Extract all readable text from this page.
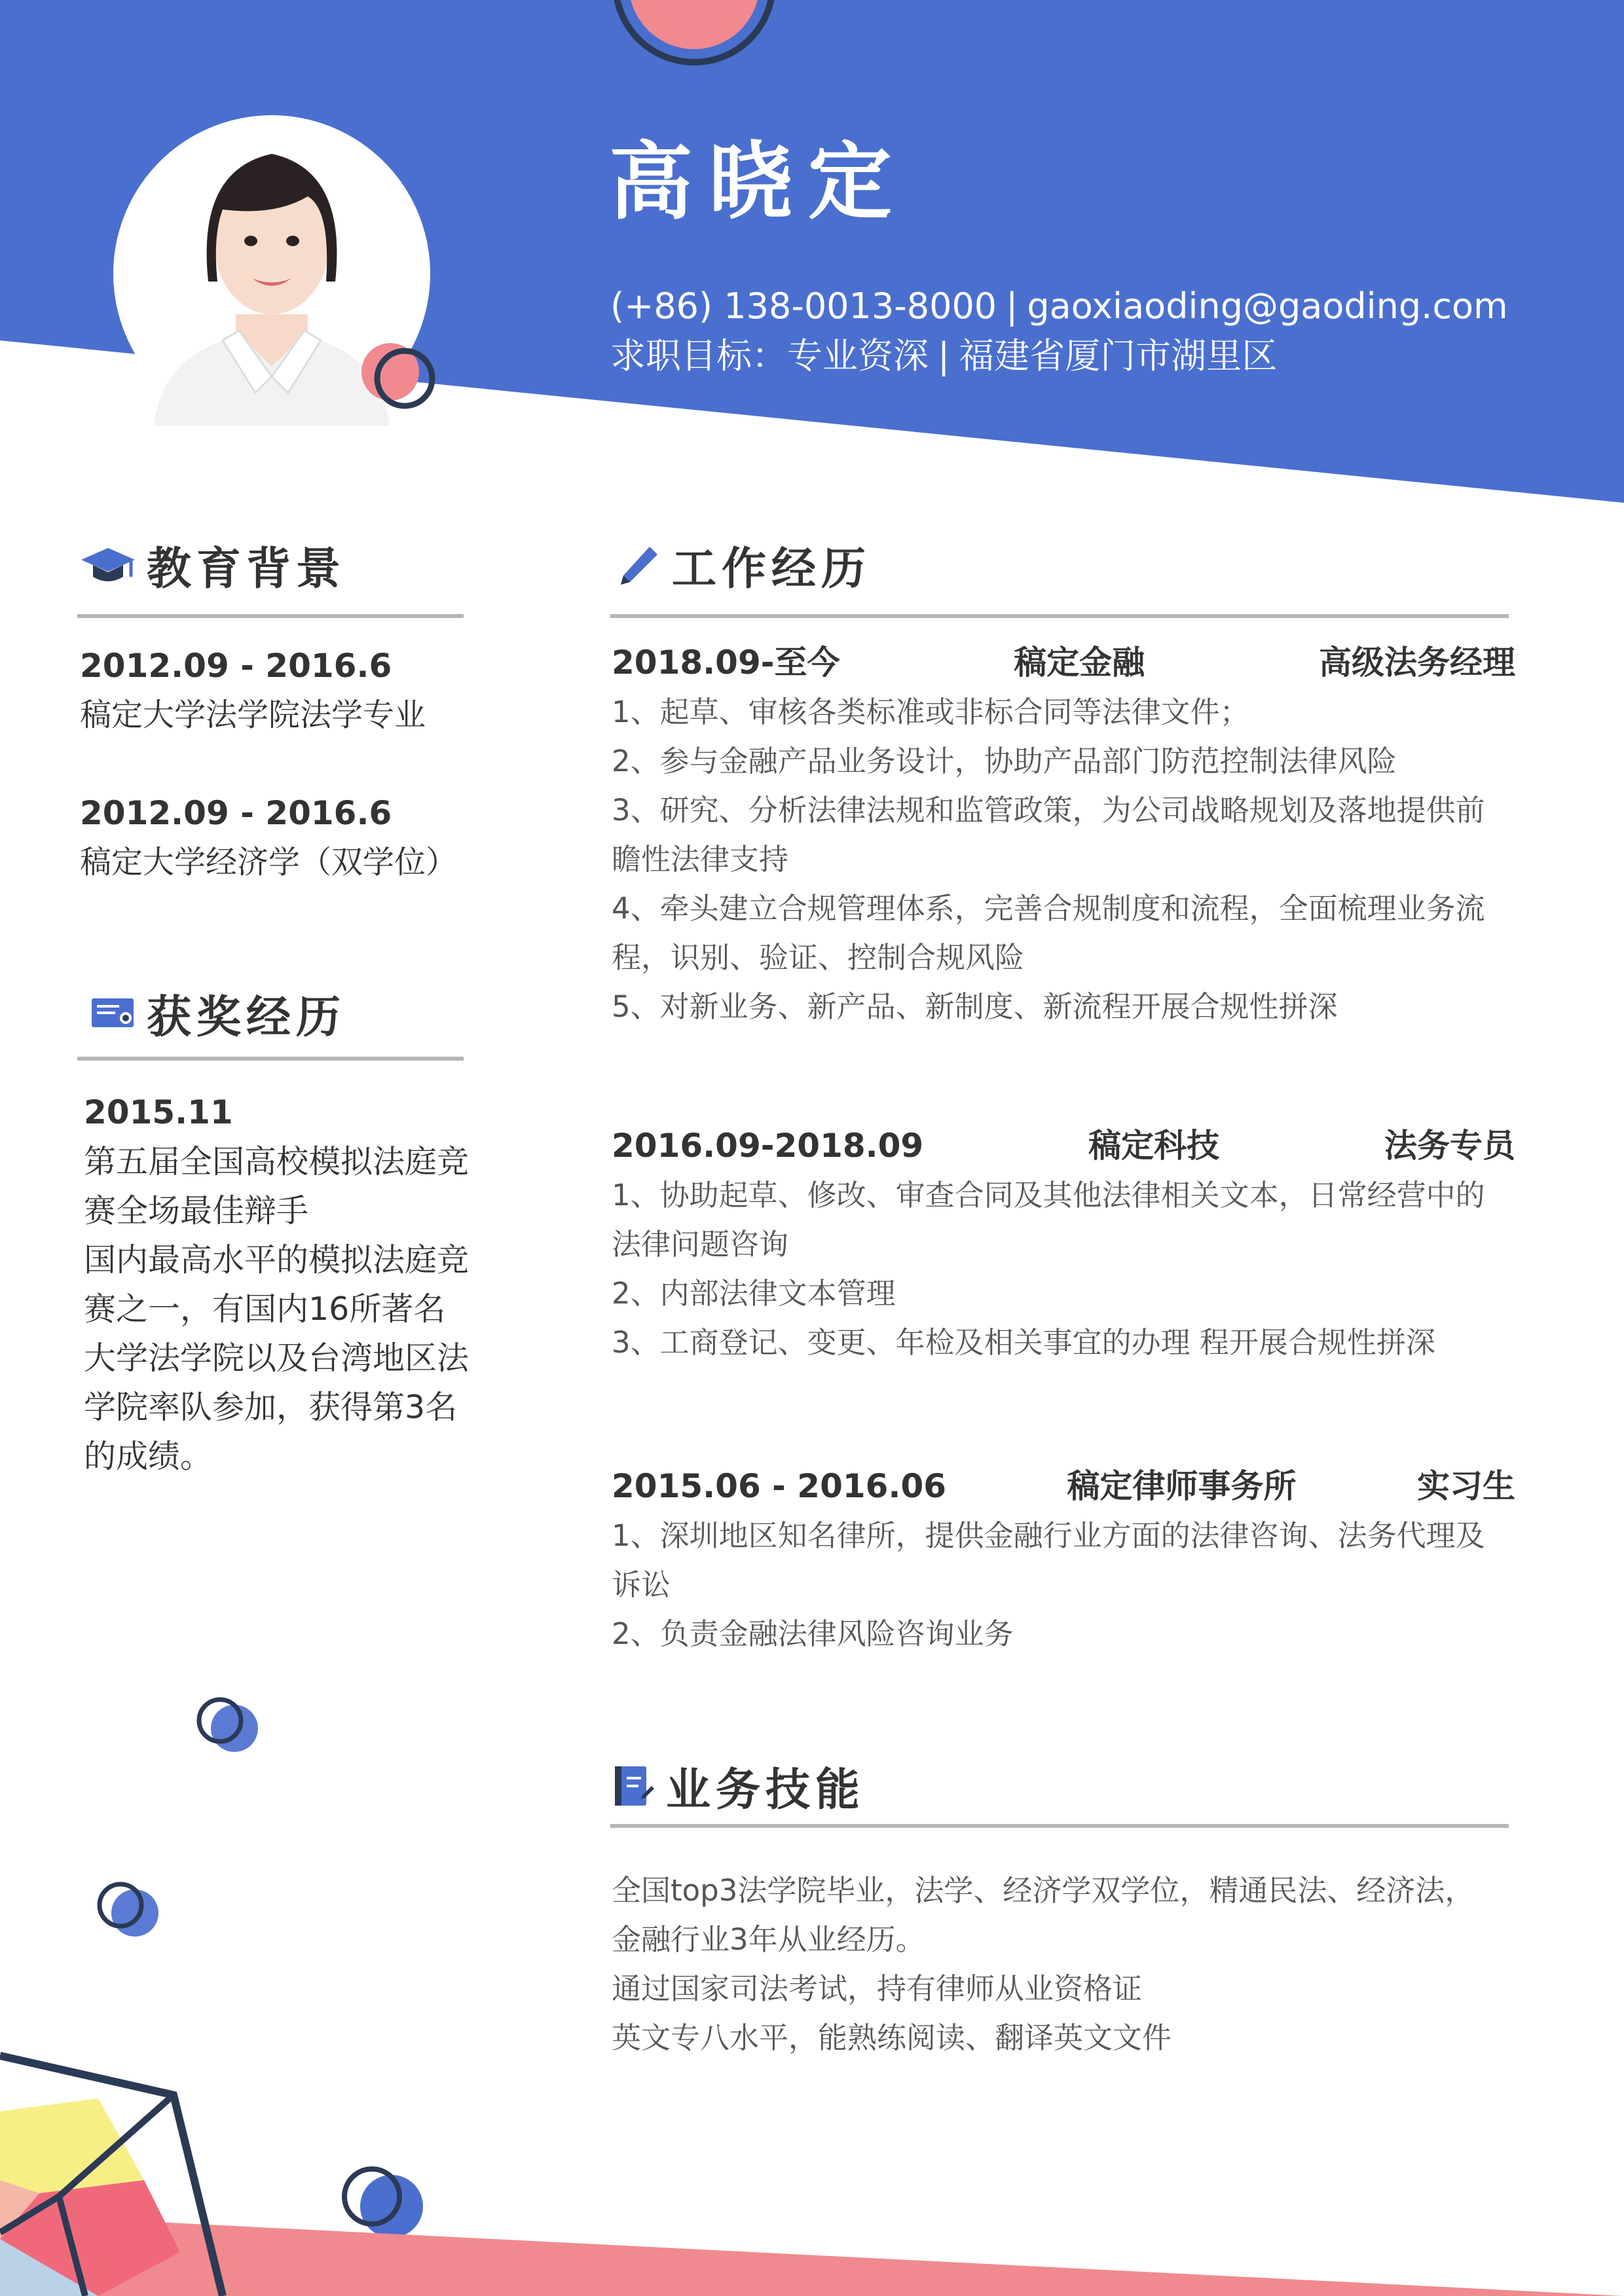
高晓定
(+86) 138-0013-8000 | gaoxiaoding@gaoding.com
求职目标：专业资深 | 福建省厦门市湖里区
教育背景
2012.09 - 2016.6
稿定大学法学院法学专业
2012.09 - 2016.6
稿定大学经济学（双学位）
获奖经历
2015.11
第五届全国高校模拟法庭竞
赛全场最佳辩手
国内最高水平的模拟法庭竞
赛之一，有国内16所著名
大学法学院以及台湾地区法
学院率队参加，获得第3名
的成绩。
工作经历
2018.09-至今	稿定金融	高级法务经理
1、起草、审核各类标准或非标合同等法律文件；
2、参与金融产品业务设计，协助产品部门防范控制法律风险
3、研究、分析法律法规和监管政策，为公司战略规划及落地提供前
瞻性法律支持
4、牵头建立合规管理体系，完善合规制度和流程，全面梳理业务流
程，识别、验证、控制合规风险
5、对新业务、新产品、新制度、新流程开展合规性拼深
2016.09-2018.09	稿定科技	法务专员
1、协助起草、修改、审查合同及其他法律相关文本，日常经营中的
法律问题咨询
2、内部法律文本管理
3、工商登记、变更、年检及相关事宜的办理 程开展合规性拼深
2015.06 - 2016.06	稿定律师事务所	实习生
1、深圳地区知名律所，提供金融行业方面的法律咨询、法务代理及
诉讼
2、负责金融法律风险咨询业务
业务技能
全国top3法学院毕业，法学、经济学双学位，精通民法、经济法，
金融行业3年从业经历。
通过国家司法考试，持有律师从业资格证
英文专八水平，能熟练阅读、翻译英文文件
